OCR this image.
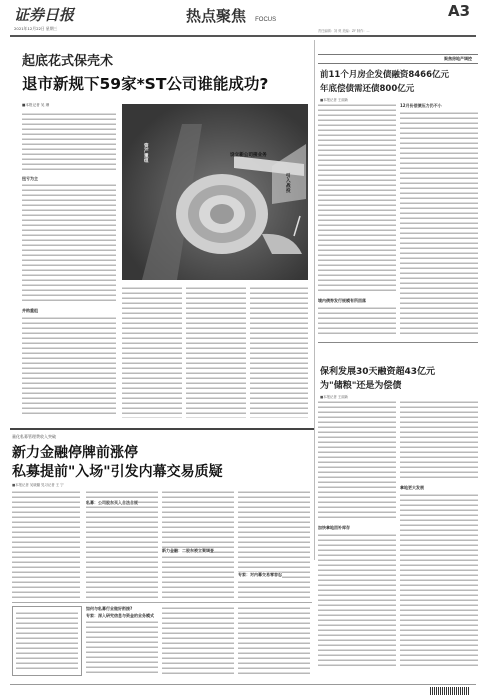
证券日报
2021年12月22日 星期三
热点聚焦 FOCUS	A3
责任编辑：刘 苑 美编：ZF 制作：...
起底花式保壳术
退市新规下59家*ST公司谁能成功?
■本报记者 吴 珊
扭亏为主
并购重组
设立新公司接业务
资产重组
引入战投
聚焦房地产调控
前11个月房企发债融资8466亿元
年底偿债需还债800亿元
■本报记者 王丽新
境内债券发行规模有所回落
12月份偿债压力仍不小
保利发展30天融资超43亿元
为"储粮"还是为偿债
■本报记者 王丽新
加快拿地回补库存
拿地更大发展
量化私募管理费收入突破
新力金融停牌前涨停
私募提前"入场"引发内幕交易质疑
■本报记者 吴晓璐 见习记者 王 宁
私募：公司股东买入合法合规
新力金融：二股东被立案调查
专家：对内幕交易零容忍
如何与私募行业做好衔接?
专家：深入研究信息与资金的业务模式
